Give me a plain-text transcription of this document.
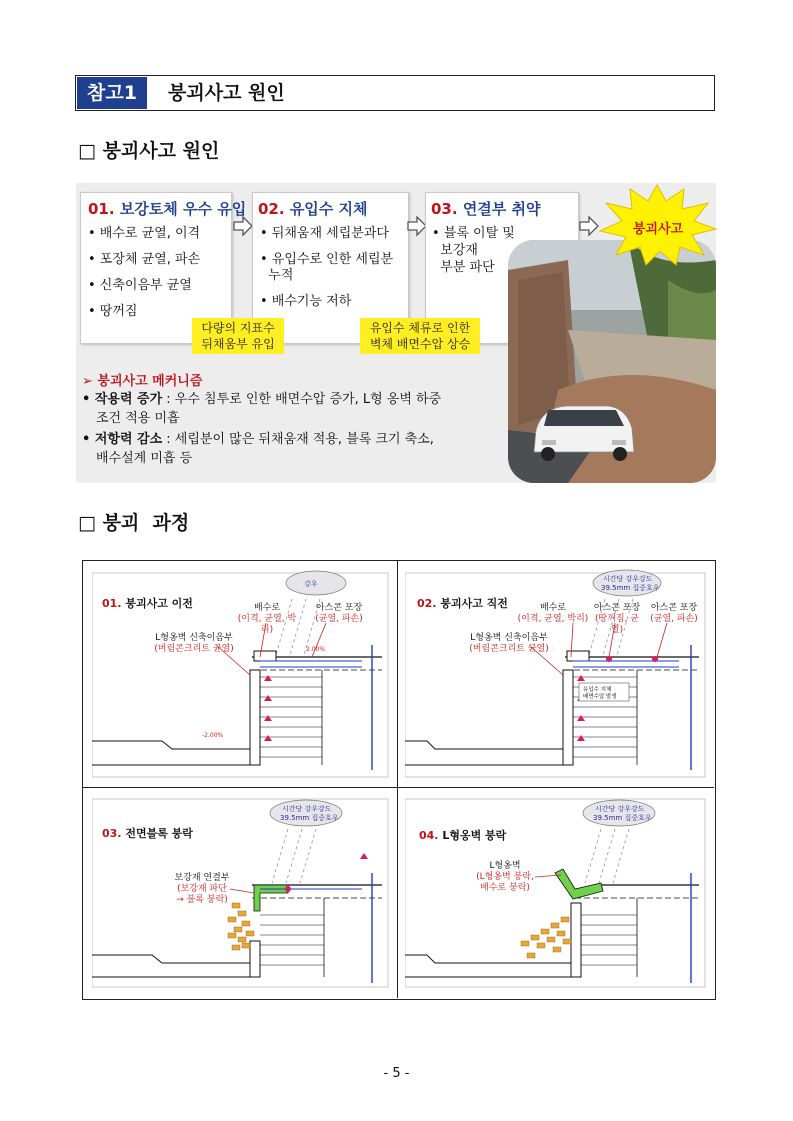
참고1	붕괴사고 원인
□ 붕괴사고 원인
01. 보강토체 우수 유입
• 배수로 균열, 이격
• 포장체 균열, 파손
• 신축이음부 균열
• 땅꺼짐
02. 유입수 지체
• 뒤채움재 세립분과다
• 유입수로 인한 세립분
누적
• 배수기능 저하
03. 연결부 취약
• 블록 이탈 및
보강재
부분 파단
다량의 지표수
뒤채움부 유입
유입수 체류로 인한
벽체 배면수압 상승
붕괴사고
➢ 붕괴사고 메커니즘
• 작용력 증가 : 우수 침투로 인한 배면수압 증가, L형 옹벽 하중
조건 적용 미흡
• 저항력 감소 : 세립분이 많은 뒤채움재 적용, 블록 크기 축소,
배수설계 미흡 등
□ 붕괴  과정
강우
2.00%
-2.00%
01. 붕괴사고 이전	배수로
(이격, 균열, 박리)
아스콘 포장
(균열, 파손)
L형옹벽 신축이음부
(버림콘크리트 균열)
시간당 강우강도
39.5mm 집중호우
유입수 지체
배면수압 발생
02. 붕괴사고 직전	배수로
(이격, 균열, 박리)
아스콘 포장
(땅꺼짐, 균열)
아스콘 포장
(균열, 파손)
L형옹벽 신축이음부
(버림콘크리트 균열)
시간당 강우강도
39.5mm 집중호우
03. 전면블록 붕락
보강재 연결부
(보강재 파단
→ 블록 붕락)
시간당 강우강도
39.5mm 집중호우
04. L형옹벽 붕락
L형옹벽
(L형옹벽 붕락,
배수로 붕락)
- 5 -
